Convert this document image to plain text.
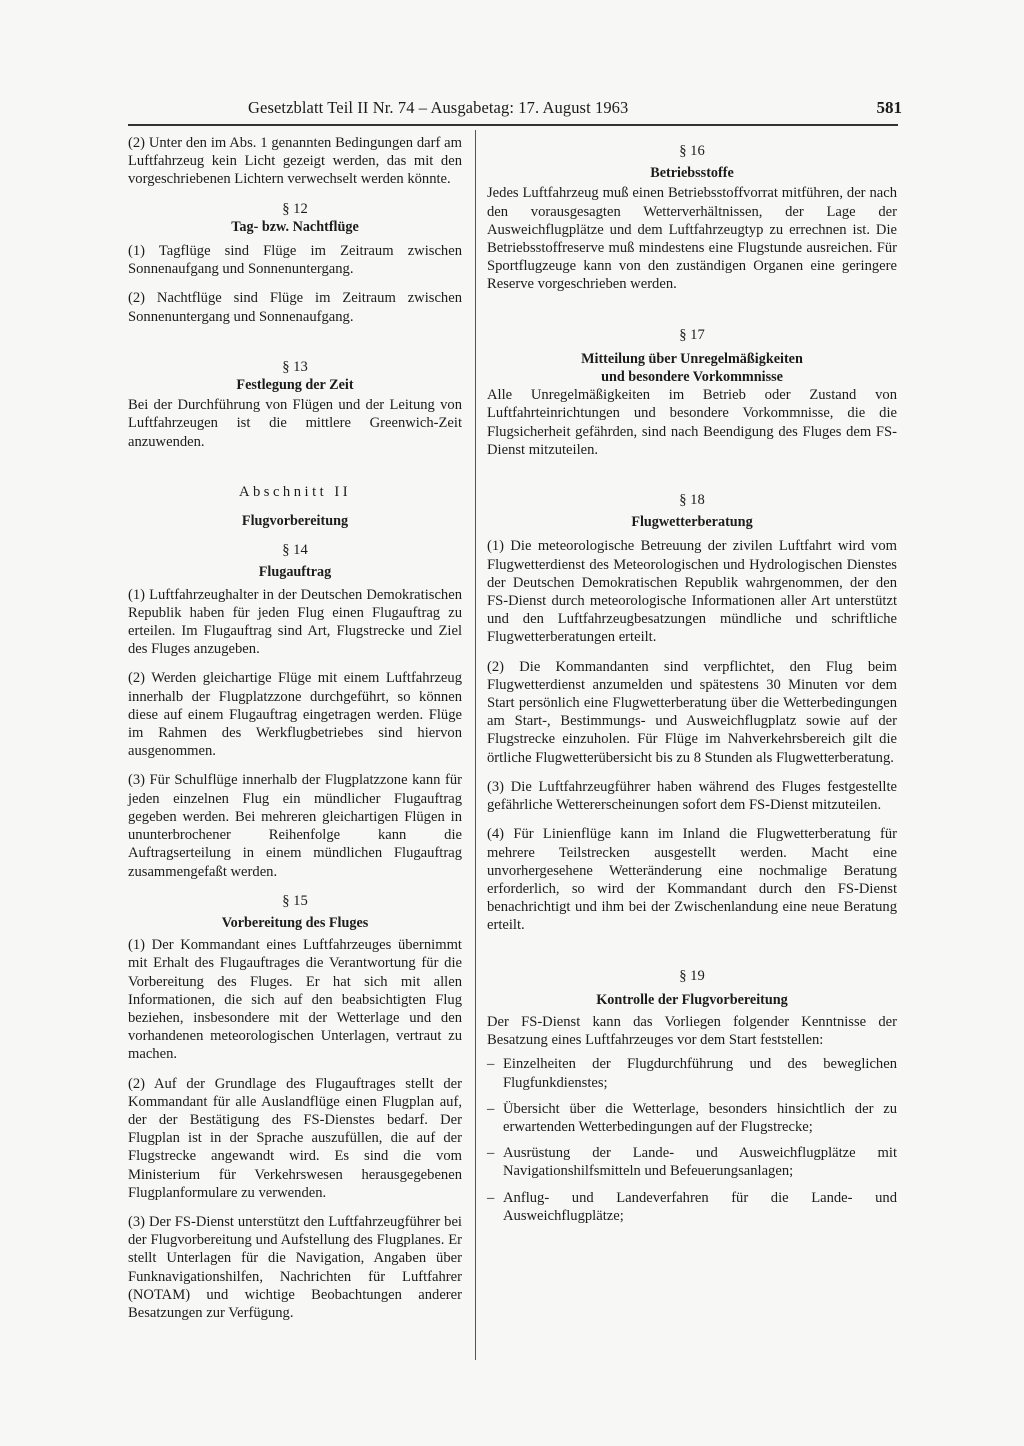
Gesetzblatt Teil II Nr. 74 – Ausgabetag: 17. August 1963	581

(2) Unter den im Abs. 1 genannten Bedingungen darf am Luftfahrzeug kein Licht gezeigt werden, das mit den vorgeschriebenen Lichtern verwechselt werden könnte.

§ 12

Tag- bzw. Nachtflüge

(1) Tagflüge sind Flüge im Zeitraum zwischen Sonnenaufgang und Sonnenuntergang.

(2) Nachtflüge sind Flüge im Zeitraum zwischen Sonnenuntergang und Sonnenaufgang.

§ 13

Festlegung der Zeit

Bei der Durchführung von Flügen und der Leitung von Luftfahrzeugen ist die mittlere Greenwich-Zeit anzuwenden.

Abschnitt II

Flugvorbereitung

§ 14

Flugauftrag

(1) Luftfahrzeughalter in der Deutschen Demokratischen Republik haben für jeden Flug einen Flugauftrag zu erteilen. Im Flugauftrag sind Art, Flugstrecke und Ziel des Fluges anzugeben.

(2) Werden gleichartige Flüge mit einem Luftfahrzeug innerhalb der Flugplatzzone durchgeführt, so können diese auf einem Flugauftrag eingetragen werden. Flüge im Rahmen des Werkflugbetriebes sind hiervon ausgenommen.

(3) Für Schulflüge innerhalb der Flugplatzzone kann für jeden einzelnen Flug ein mündlicher Flugauftrag gegeben werden. Bei mehreren gleichartigen Flügen in ununterbrochener Reihenfolge kann die Auftragserteilung in einem mündlichen Flugauftrag zusammengefaßt werden.

§ 15

Vorbereitung des Fluges

(1) Der Kommandant eines Luftfahrzeuges übernimmt mit Erhalt des Flugauftrages die Verantwortung für die Vorbereitung des Fluges. Er hat sich mit allen Informationen, die sich auf den beabsichtigten Flug beziehen, insbesondere mit der Wetterlage und den vorhandenen meteorologischen Unterlagen, vertraut zu machen.

(2) Auf der Grundlage des Flugauftrages stellt der Kommandant für alle Auslandflüge einen Flugplan auf, der der Bestätigung des FS-Dienstes bedarf. Der Flugplan ist in der Sprache auszufüllen, die auf der Flugstrecke angewandt wird. Es sind die vom Ministerium für Verkehrswesen herausgegebenen Flugplanformulare zu verwenden.

(3) Der FS-Dienst unterstützt den Luftfahrzeugführer bei der Flugvorbereitung und Aufstellung des Flugplanes. Er stellt Unterlagen für die Navigation, Angaben über Funknavigationshilfen, Nachrichten für Luftfahrer (NOTAM) und wichtige Beobachtungen anderer Besatzungen zur Verfügung.

§ 16

Betriebsstoffe

Jedes Luftfahrzeug muß einen Betriebsstoffvorrat mitführen, der nach den vorausgesagten Wetterverhältnissen, der Lage der Ausweichflugplätze und dem Luftfahrzeugtyp zu errechnen ist. Die Betriebsstoffreserve muß mindestens eine Flugstunde ausreichen. Für Sportflugzeuge kann von den zuständigen Organen eine geringere Reserve vorgeschrieben werden.

§ 17

Mitteilung über Unregelmäßigkeiten

und besondere Vorkommnisse

Alle Unregelmäßigkeiten im Betrieb oder Zustand von Luftfahrteinrichtungen und besondere Vorkommnisse, die die Flugsicherheit gefährden, sind nach Beendigung des Fluges dem FS-Dienst mitzuteilen.

§ 18

Flugwetterberatung

(1) Die meteorologische Betreuung der zivilen Luftfahrt wird vom Flugwetterdienst des Meteorologischen und Hydrologischen Dienstes der Deutschen Demokratischen Republik wahrgenommen, der den FS-Dienst durch meteorologische Informationen aller Art unterstützt und den Luftfahrzeugbesatzungen mündliche und schriftliche Flugwetterberatungen erteilt.

(2) Die Kommandanten sind verpflichtet, den Flug beim Flugwetterdienst anzumelden und spätestens 30 Minuten vor dem Start persönlich eine Flugwetterberatung über die Wetterbedingungen am Start-, Bestimmungs- und Ausweichflugplatz sowie auf der Flugstrecke einzuholen. Für Flüge im Nahverkehrsbereich gilt die örtliche Flugwetterübersicht bis zu 8 Stunden als Flugwetterberatung.

(3) Die Luftfahrzeugführer haben während des Fluges festgestellte gefährliche Wettererscheinungen sofort dem FS-Dienst mitzuteilen.

(4) Für Linienflüge kann im Inland die Flugwetterberatung für mehrere Teilstrecken ausgestellt werden. Macht eine unvorhergesehene Wetteränderung eine nochmalige Beratung erforderlich, so wird der Kommandant durch den FS-Dienst benachrichtigt und ihm bei der Zwischenlandung eine neue Beratung erteilt.

§ 19

Kontrolle der Flugvorbereitung

Der FS-Dienst kann das Vorliegen folgender Kenntnisse der Besatzung eines Luftfahrzeuges vor dem Start feststellen:

– Einzelheiten der Flugdurchführung und des beweglichen Flugfunkdienstes;
– Übersicht über die Wetterlage, besonders hinsichtlich der zu erwartenden Wetterbedingungen auf der Flugstrecke;
– Ausrüstung der Lande- und Ausweichflugplätze mit Navigationshilfsmitteln und Befeuerungsanlagen;
– Anflug- und Landeverfahren für die Lande- und Ausweichflugplätze;
